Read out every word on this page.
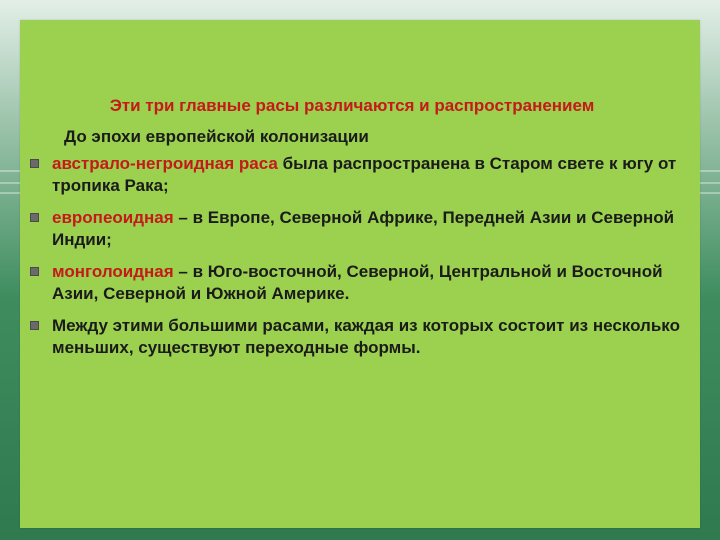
Эти три главные расы различаются и распространением
До эпохи европейской колонизации
австрало-негроидная раса была распространена в Старом свете к югу от тропика Рака;
европеоидная – в Европе, Северной Африке, Передней Азии и Северной Индии;
монголоидная – в Юго-восточной, Северной, Центральной и Восточной Азии, Северной и Южной Америке.
Между этими большими расами, каждая из которых состоит из несколько меньших, существуют переходные формы.
